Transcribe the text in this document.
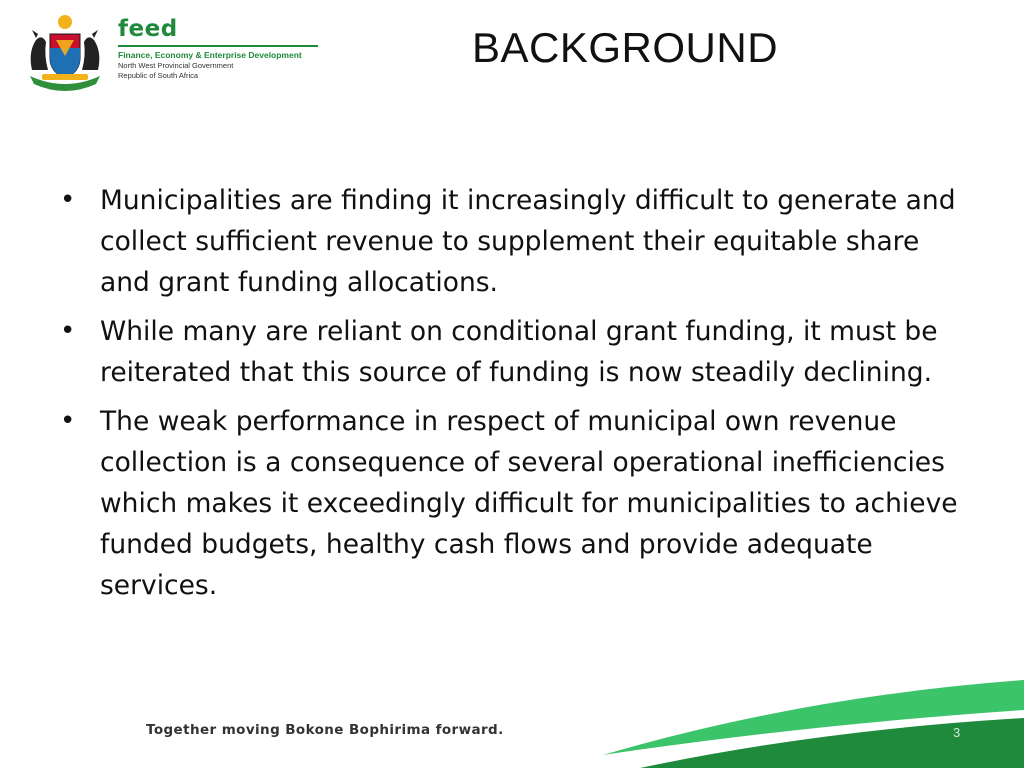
feed
Finance, Economy & Enterprise Development
North West Provincial Government
Republic of South Africa
BACKGROUND
• Municipalities are finding it increasingly difficult to generate and collect sufficient revenue to supplement their equitable share and grant funding allocations.
• While many are reliant on conditional grant funding, it must be reiterated that this source of funding is now steadily declining.
• The weak performance in respect of municipal own revenue collection is a consequence of several operational inefficiencies which makes it exceedingly difficult for municipalities to achieve funded budgets, healthy cash flows and provide adequate services.
Together moving Bokone Bophirima forward.	3
